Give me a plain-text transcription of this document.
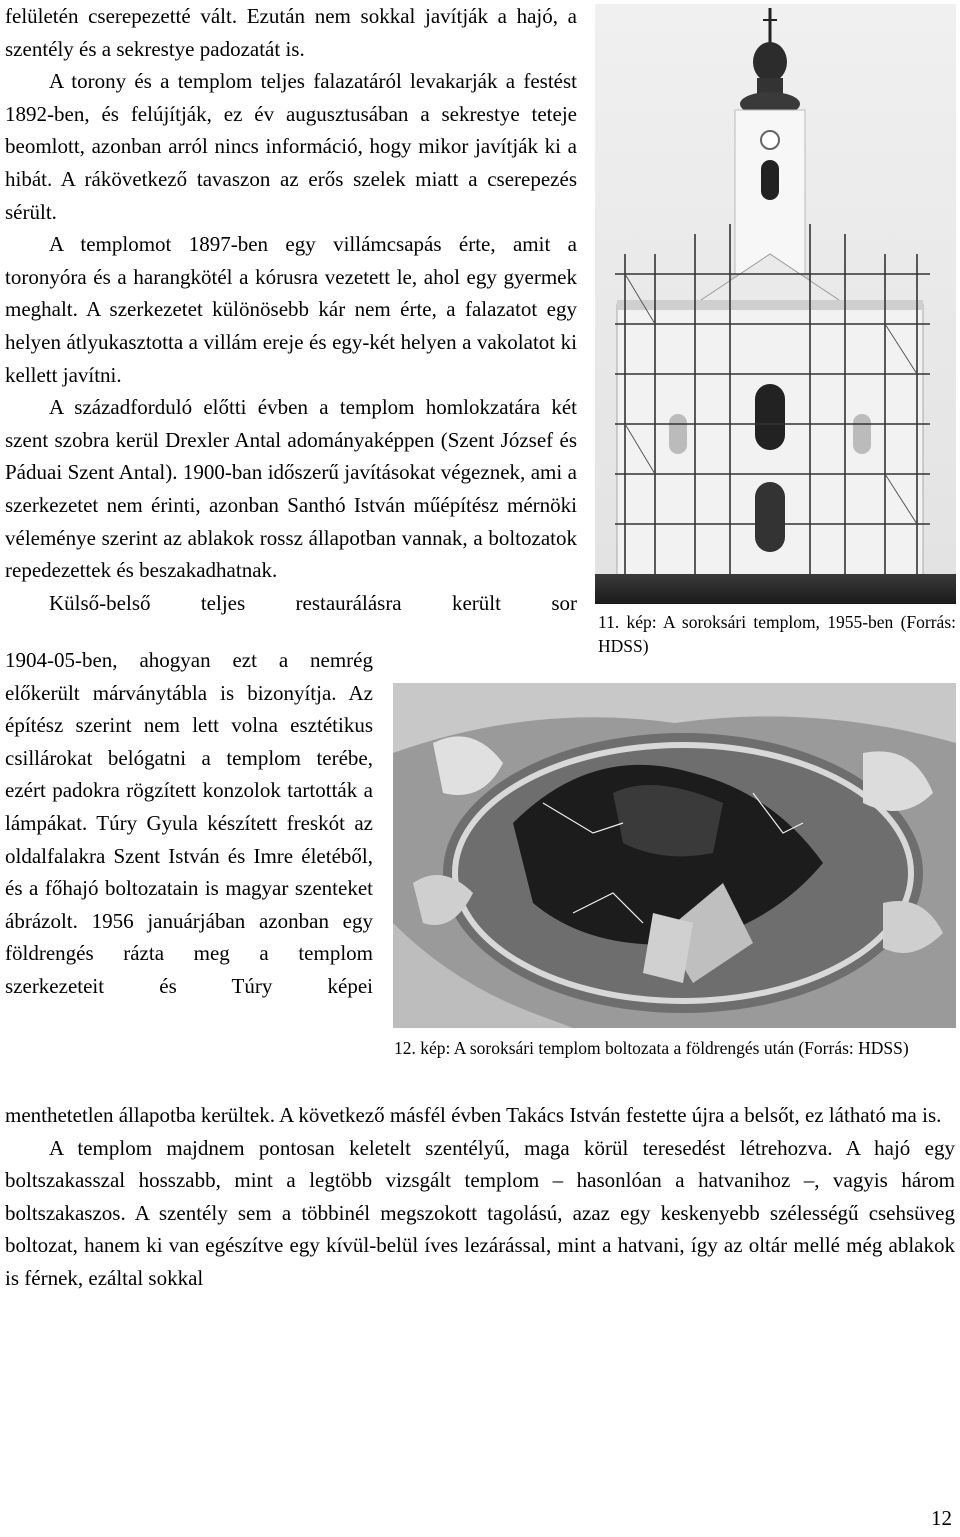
felületén cserepezetté vált. Ezután nem sokkal javítják a hajó, a szentély és a sekrestye padozatát is.

A torony és a templom teljes falazatáról levakarják a festést 1892-ben, és felújítják, ez év augusztusában a sekrestye teteje beomlott, azonban arról nincs információ, hogy mikor javítják ki a hibát. A rákövetkező tavaszon az erős szelek miatt a cserepezés sérült.

A templomot 1897-ben egy villámcsapás érte, amit a toronyóra és a harangkötél a kórusra vezetett le, ahol egy gyermek meghalt. A szerkezetet különösebb kár nem érte, a falazatot egy helyen átlyukasztotta a villám ereje és egy-két helyen a vakolatot ki kellett javítni.

A századforduló előtti évben a templom homlokzatára két szent szobra kerül Drexler Antal adományaképpen (Szent József és Páduai Szent Antal). 1900-ban időszerű javításokat végeznek, ami a szerkezetet nem érinti, azonban Santhó István műépítész mérnöki véleménye szerint az ablakok rossz állapotban vannak, a boltozatok repedezettek és beszakadhatnak.

Külső-belső teljes restaurálásra került sor

1904-05-ben, ahogyan ezt a nemrég előkerült márványtábla is bizonyítja. Az építész szerint nem lett volna esztétikus csillárokat belógatni a templom terébe, ezért padokra rögzített konzolok tartották a lámpákat. Túry Gyula készített freskót az oldalfalakra Szent István és Imre életéből, és a főhajó boltozatain is magyar szenteket ábrázolt. 1956 januárjában azonban egy földrengés rázta meg a templom szerkezeteit és Túry képei

menthetetlen állapotba kerültek. A következő másfél évben Takács István festette újra a belsőt, ez látható ma is.

A templom majdnem pontosan keletelt szentélyű, maga körül teresedést létrehozva. A hajó egy boltszakasszal hosszabb, mint a legtöbb vizsgált templom – hasonlóan a hatvanihoz –, vagyis három boltszakaszos. A szentély sem a többinél megszokott tagolású, azaz egy keskenyebb szélességű csehsüveg boltozat, hanem ki van egészítve egy kívül-belül íves lezárással, mint a hatvani, így az oltár mellé még ablakok is férnek, ezáltal sokkal

11. kép: A soroksári templom, 1955-ben (Forrás: HDSS)
12. kép: A soroksári templom boltozata a földrengés után (Forrás: HDSS)
12
